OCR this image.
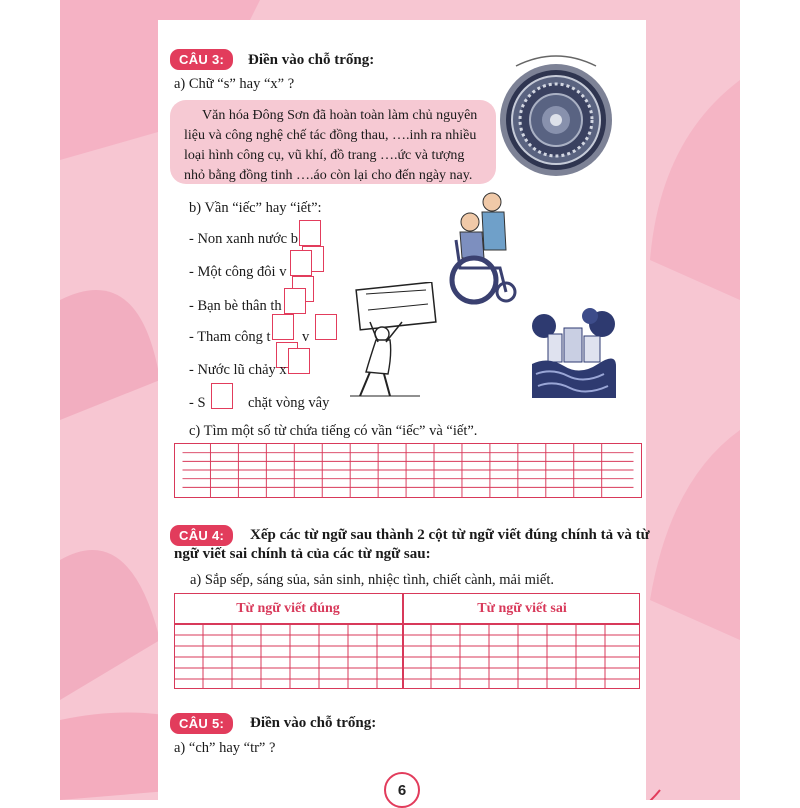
CÂU 3:	Điền vào chỗ trống:
a) Chữ “s” hay “x” ?

Văn hóa Đông Sơn đã hoàn toàn làm chủ nguyên

liệu và công nghệ chế tác đồng thau, ….inh ra nhiều
loại hình công cụ, vũ khí, đồ trang ….ức và tượng
nhỏ bằng đồng tinh ….áo còn lại cho đến ngày nay.
b) Vần “iếc” hay “iết”:
- Non xanh nước b
- Một công đôi v
- Bạn bè thân th
- Tham công t v
- Nước lũ chảy x
- S	chặt vòng vây
c) Tìm một số từ chứa tiếng có vần “iếc” và “iết”.
CÂU 4:	Xếp các từ ngữ sau thành 2 cột từ ngữ viết đúng chính tả và từ
ngữ viết sai chính tả của các từ ngữ sau:
a) Sắp sếp, sáng sủa, sản sinh, nhiệc tình, chiết cành, mải miết.
Từ ngữ viết đúng	Từ ngữ viết sai
CÂU 5:	Điền vào chỗ trống:
a) “ch” hay “tr” ?
6
